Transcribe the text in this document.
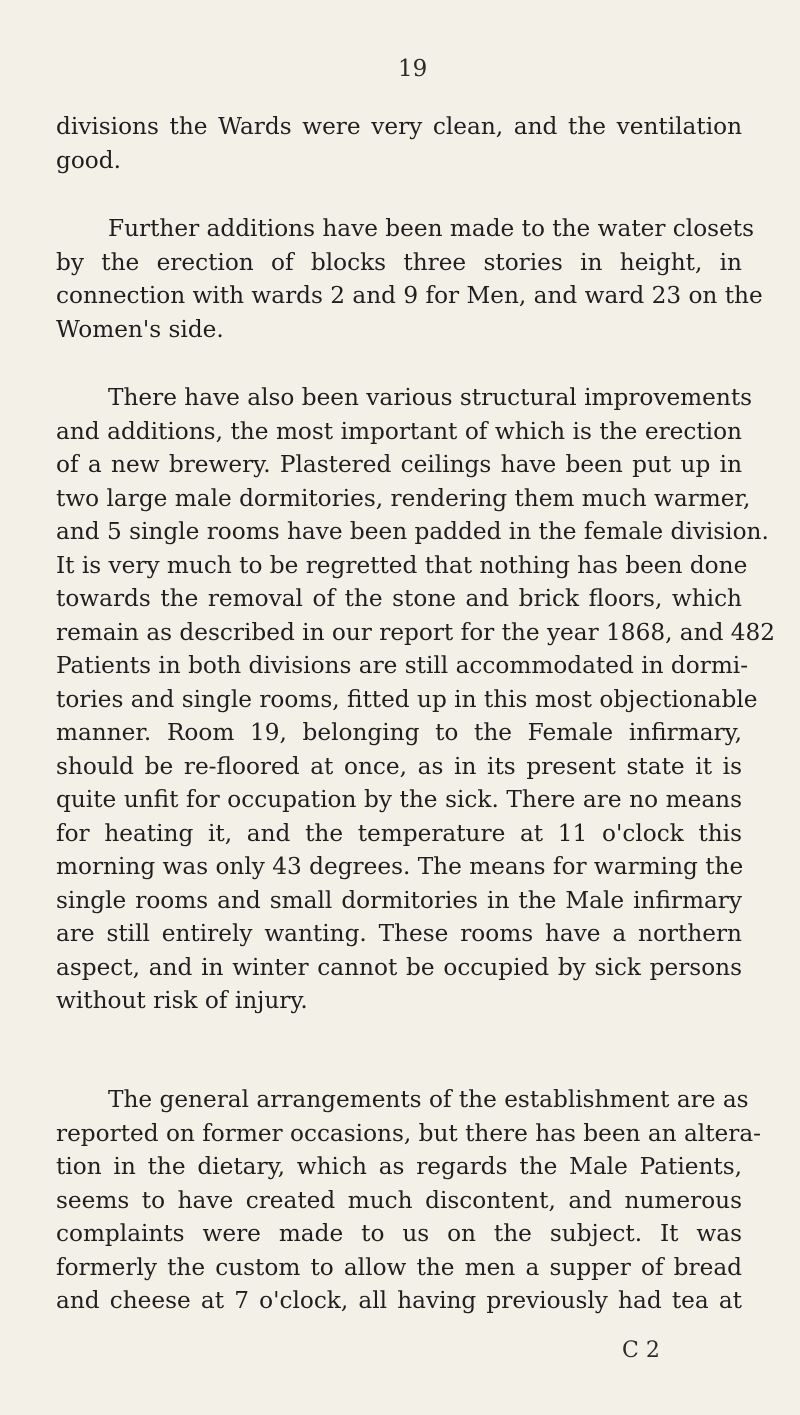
19
divisions the Wards were very clean, and the ventilation
good.
Further additions have been made to the water closets
by the erection of blocks three stories in height, in
connection with wards 2 and 9 for Men, and ward 23 on the
Women's side.
There have also been various structural improvements
and additions, the most important of which is the erection
of a new brewery. Plastered ceilings have been put up in
two large male dormitories, rendering them much warmer,
and 5 single rooms have been padded in the female division.
It is very much to be regretted that nothing has been done
towards the removal of the stone and brick floors, which
remain as described in our report for the year 1868, and 482
Patients in both divisions are still accommodated in dormi-
tories and single rooms, fitted up in this most objectionable
manner. Room 19, belonging to the Female infirmary,
should be re-floored at once, as in its present state it is
quite unfit for occupation by the sick. There are no means
for heating it, and the temperature at 11 o'clock this
morning was only 43 degrees. The means for warming the
single rooms and small dormitories in the Male infirmary
are still entirely wanting. These rooms have a northern
aspect, and in winter cannot be occupied by sick persons
without risk of injury.
The general arrangements of the establishment are as
reported on former occasions, but there has been an altera-
tion in the dietary, which as regards the Male Patients,
seems to have created much discontent, and numerous
complaints were made to us on the subject. It was
formerly the custom to allow the men a supper of bread
and cheese at 7 o'clock, all having previously had tea at
C 2
